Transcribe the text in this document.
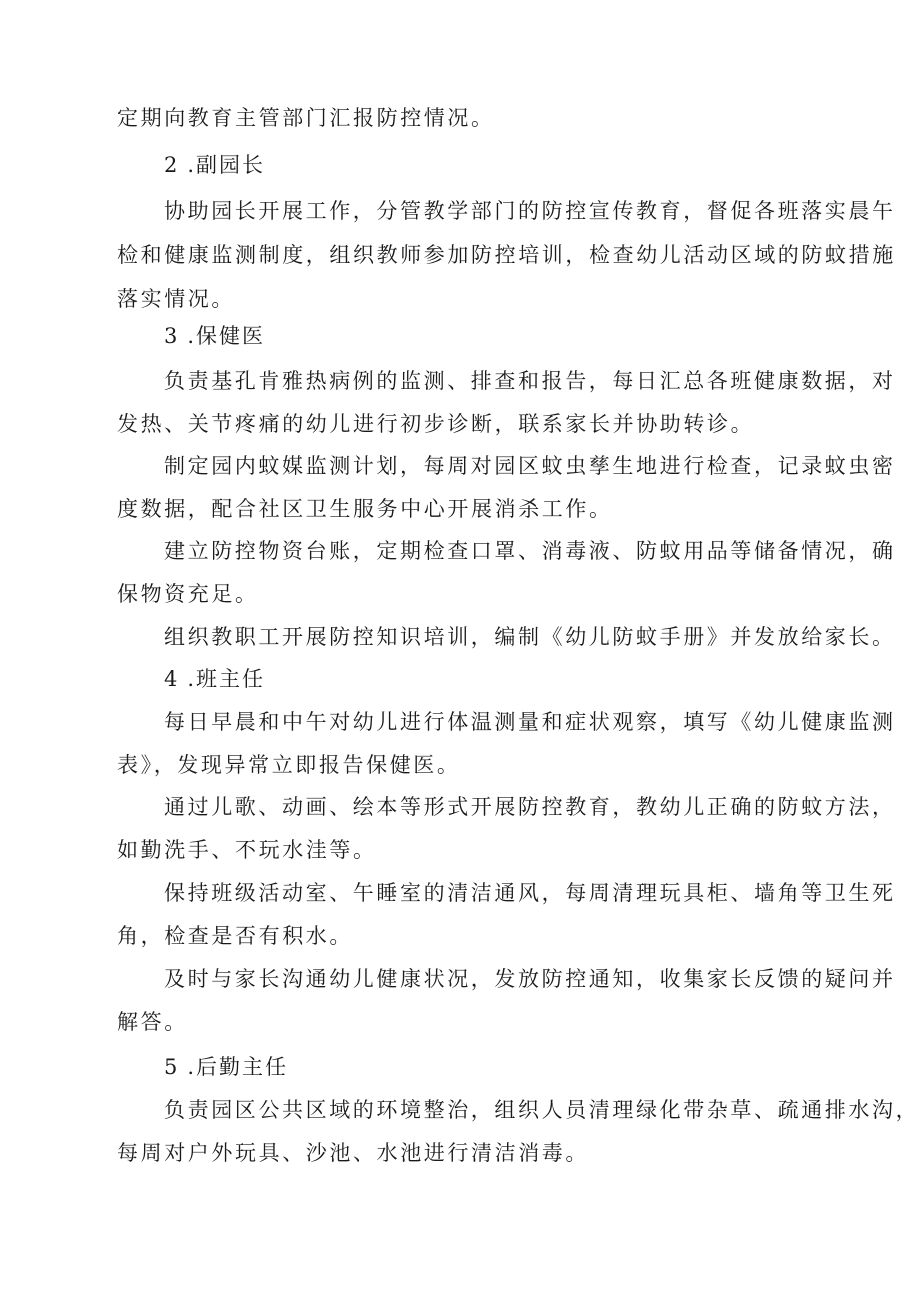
定期向教育主管部门汇报防控情况。
2 .副园长
协助园长开展工作，分管教学部门的防控宣传教育，督促各班落实晨午
检和健康监测制度，组织教师参加防控培训，检查幼儿活动区域的防蚊措施
落实情况。
3 .保健医
负责基孔肯雅热病例的监测、排查和报告，每日汇总各班健康数据，对
发热、关节疼痛的幼儿进行初步诊断，联系家长并协助转诊。
制定园内蚊媒监测计划，每周对园区蚊虫孳生地进行检查，记录蚊虫密
度数据，配合社区卫生服务中心开展消杀工作。
建立防控物资台账，定期检查口罩、消毒液、防蚊用品等储备情况，确
保物资充足。
组织教职工开展防控知识培训，编制《幼儿防蚊手册》并发放给家长。
4 .班主任
每日早晨和中午对幼儿进行体温测量和症状观察，填写《幼儿健康监测
表》，发现异常立即报告保健医。
通过儿歌、动画、绘本等形式开展防控教育，教幼儿正确的防蚊方法，
如勤洗手、不玩水洼等。
保持班级活动室、午睡室的清洁通风，每周清理玩具柜、墙角等卫生死
角，检查是否有积水。
及时与家长沟通幼儿健康状况，发放防控通知，收集家长反馈的疑问并
解答。
5 .后勤主任
负责园区公共区域的环境整治，组织人员清理绿化带杂草、疏通排水沟，
每周对户外玩具、沙池、水池进行清洁消毒。
